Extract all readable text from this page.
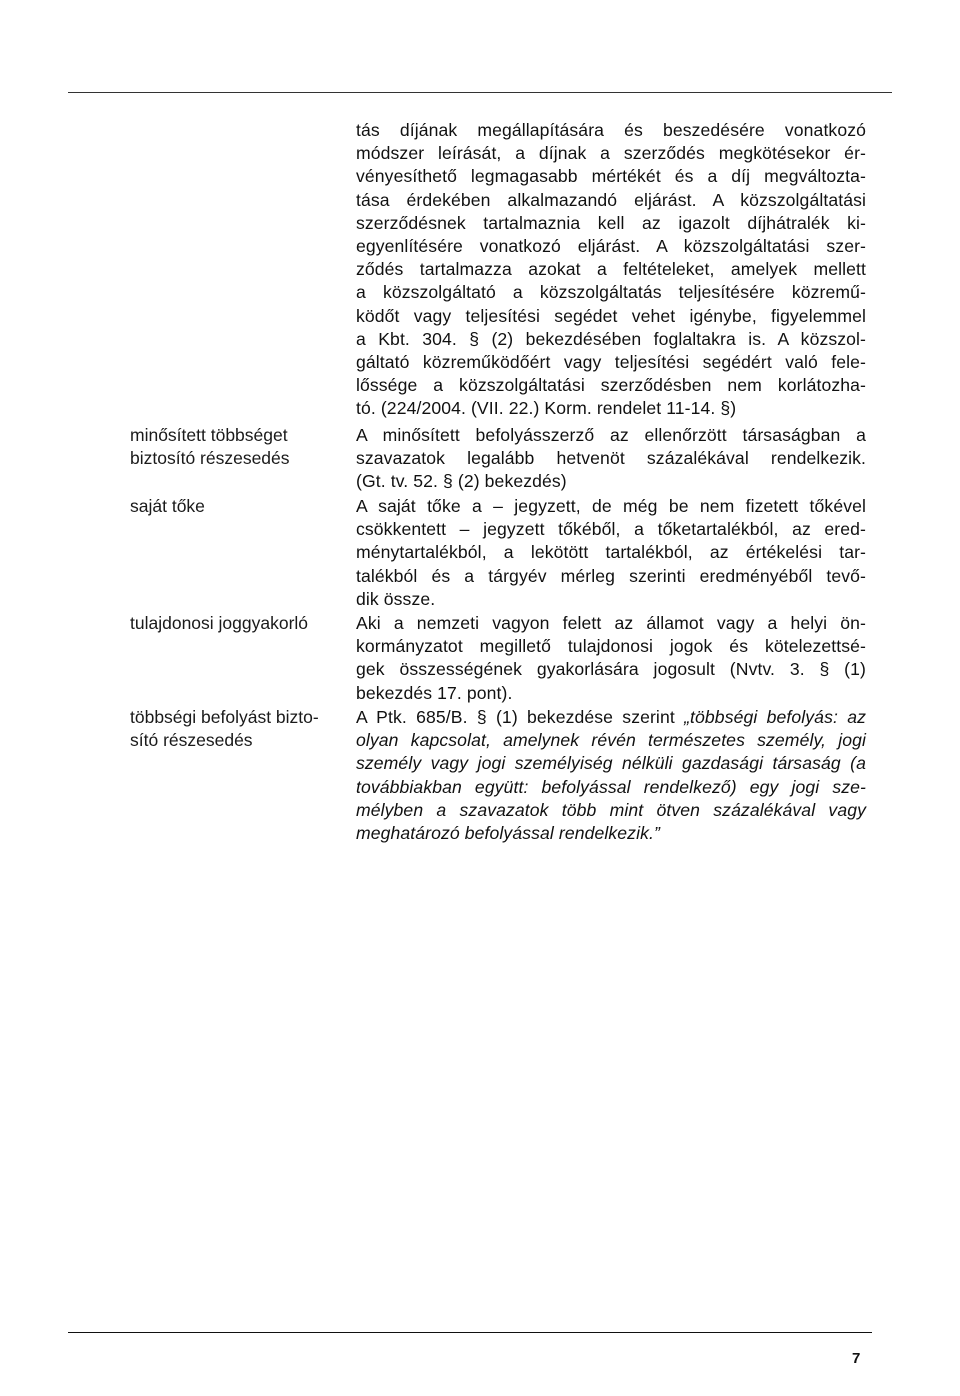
tás díjának megállapítására és beszedésére vonatkozó
módszer leírását, a díjnak a szerződés megkötésekor ér-
vényesíthető legmagasabb mértékét és a díj megváltozta-
tása érdekében alkalmazandó eljárást. A közszolgáltatási
szerződésnek tartalmaznia kell az igazolt díjhátralék ki-
egyenlítésére vonatkozó eljárást. A közszolgáltatási szer-
ződés tartalmazza azokat a feltételeket, amelyek mellett
a közszolgáltató a közszolgáltatás teljesítésére közremű-
ködőt vagy teljesítési segédet vehet igénybe, figyelemmel
a Kbt. 304. § (2) bekezdésében foglaltakra is. A közszol-
gáltató közreműködőért vagy teljesítési segédért való fele-
lőssége a közszolgáltatási szerződésben nem korlátozha-
tó. (224/2004. (VII. 22.) Korm. rendelet 11-14. §)
minősített többséget
biztosító részesedés
A minősített befolyásszerző az ellenőrzött társaságban a
szavazatok legalább hetvenöt százalékával rendelkezik.
(Gt. tv. 52. § (2) bekezdés)
saját tőke	A saját tőke a – jegyzett, de még be nem fizetett tőkével
csökkentett – jegyzett tőkéből, a tőketartalékból, az ered-
ménytartalékból, a lekötött tartalékból, az értékelési tar-
talékból és a tárgyév mérleg szerinti eredményéből tevő-
dik össze.
tulajdonosi joggyakorló	Aki a nemzeti vagyon felett az államot vagy a helyi ön-
kormányzatot megillető tulajdonosi jogok és kötelezettsé-
gek összességének gyakorlására jogosult (Nvtv. 3. § (1)
bekezdés 17. pont).
többségi befolyást bizto-
sító részesedés
A Ptk. 685/B. § (1) bekezdése szerint „többségi befolyás: az
olyan kapcsolat, amelynek révén természetes személy, jogi
személy vagy jogi személyiség nélküli gazdasági társaság (a
továbbiakban együtt: befolyással rendelkező) egy jogi sze-
mélyben a szavazatok több mint ötven százalékával vagy
meghatározó befolyással rendelkezik.”
7
